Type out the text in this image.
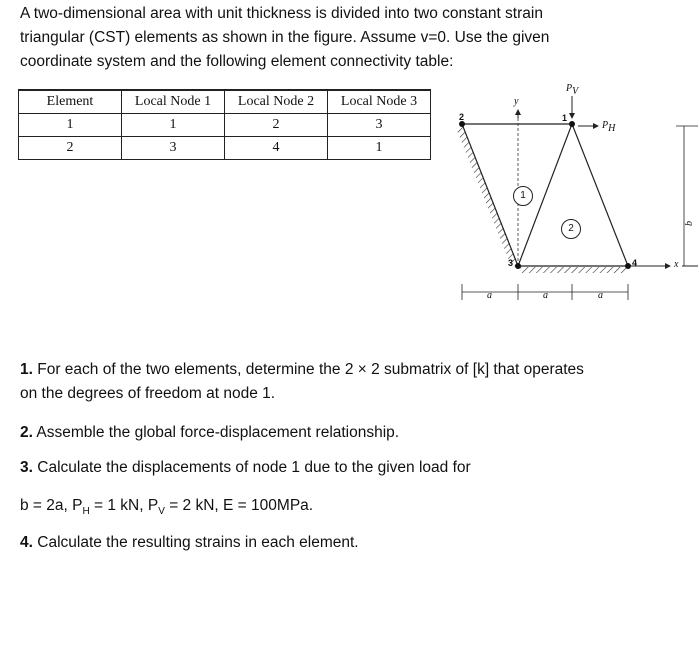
A two-dimensional area with unit thickness is divided into two constant strain
triangular (CST) elements as shown in the figure. Assume v=0. Use the given
coordinate system and the following element connectivity table:
Element	Local Node 1	Local Node 2	Local Node 3
1	1	2	3
2	3	4	1
y
x
$P_V$
$P_H$
b
a	a	a
2	1
3	4
1
2
1. For each of the two elements, determine the 2 × 2 submatrix of [k] that operates
on the degrees of freedom at node 1.
2. Assemble the global force-displacement relationship.
3. Calculate the displacements of node 1 due to the given load for
b = 2a, $P_H = 1$ kN, $P_V = 2$ kN, E = 100MPa.
4. Calculate the resulting strains in each element.
